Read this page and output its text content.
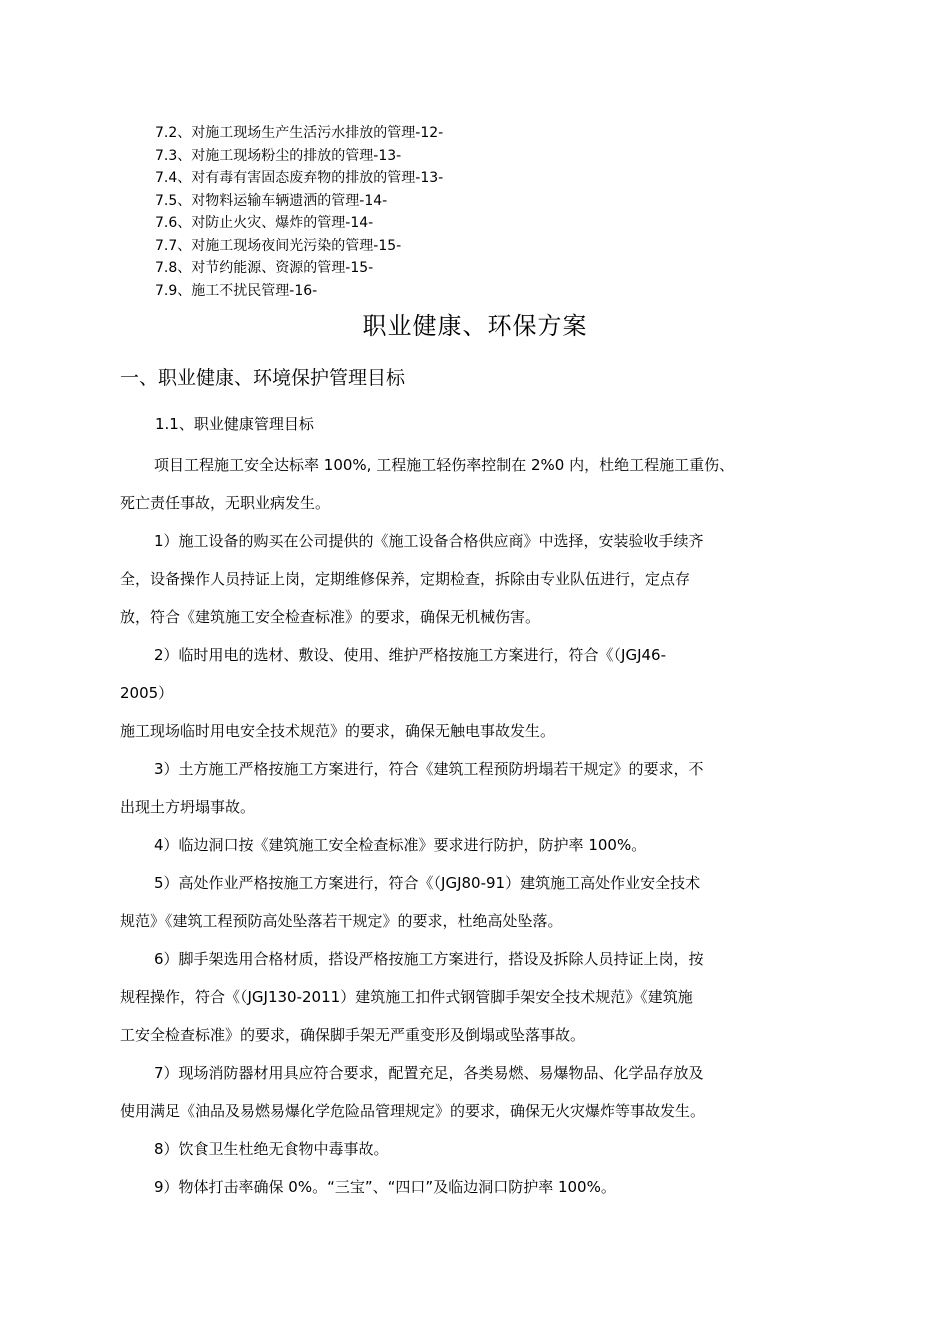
7.2、对施工现场生产生活污水排放的管理-12-
7.3、对施工现场粉尘的排放的管理-13-
7.4、对有毒有害固态废弃物的排放的管理-13-
7.5、对物料运输车辆遗洒的管理-14-
7.6、对防止火灾、爆炸的管理-14-
7.7、对施工现场夜间光污染的管理-15-
7.8、对节约能源、资源的管理-15-
7.9、施工不扰民管理-16-
职业健康、环保方案
一、职业健康、环境保护管理目标
1.1、职业健康管理目标

项目工程施工安全达标率 100%, 工程施工轻伤率控制在 2%0 内，杜绝工程施工重伤、
死亡责任事故，无职业病发生。

1）施工设备的购买在公司提供的《施工设备合格供应商》中选择，安装验收手续齐
全，设备操作人员持证上岗，定期维修保养，定期检查，拆除由专业队伍进行，定点存
放，符合《建筑施工安全检查标准》的要求，确保无机械伤害。

2）临时用电的选材、敷设、使用、维护严格按施工方案进行，符合《（JGJ46-
2005）
施工现场临时用电安全技术规范》的要求，确保无触电事故发生。

3）土方施工严格按施工方案进行，符合《建筑工程预防坍塌若干规定》的要求，不
出现土方坍塌事故。

4）临边洞口按《建筑施工安全检查标准》要求进行防护，防护率 100%。

5）高处作业严格按施工方案进行，符合《（JGJ80-91）建筑施工高处作业安全技术
规范》《建筑工程预防高处坠落若干规定》的要求，杜绝高处坠落。

6）脚手架选用合格材质，搭设严格按施工方案进行，搭设及拆除人员持证上岗，按
规程操作，符合《（JGJ130-2011）建筑施工扣件式钢管脚手架安全技术规范》《建筑施
工安全检查标准》的要求，确保脚手架无严重变形及倒塌或坠落事故。

7）现场消防器材用具应符合要求，配置充足，各类易燃、易爆物品、化学品存放及
使用满足《油品及易燃易爆化学危险品管理规定》的要求，确保无火灾爆炸等事故发生。

8）饮食卫生杜绝无食物中毒事故。

9）物体打击率确保 0%。“三宝”、“四口”及临边洞口防护率 100%。
